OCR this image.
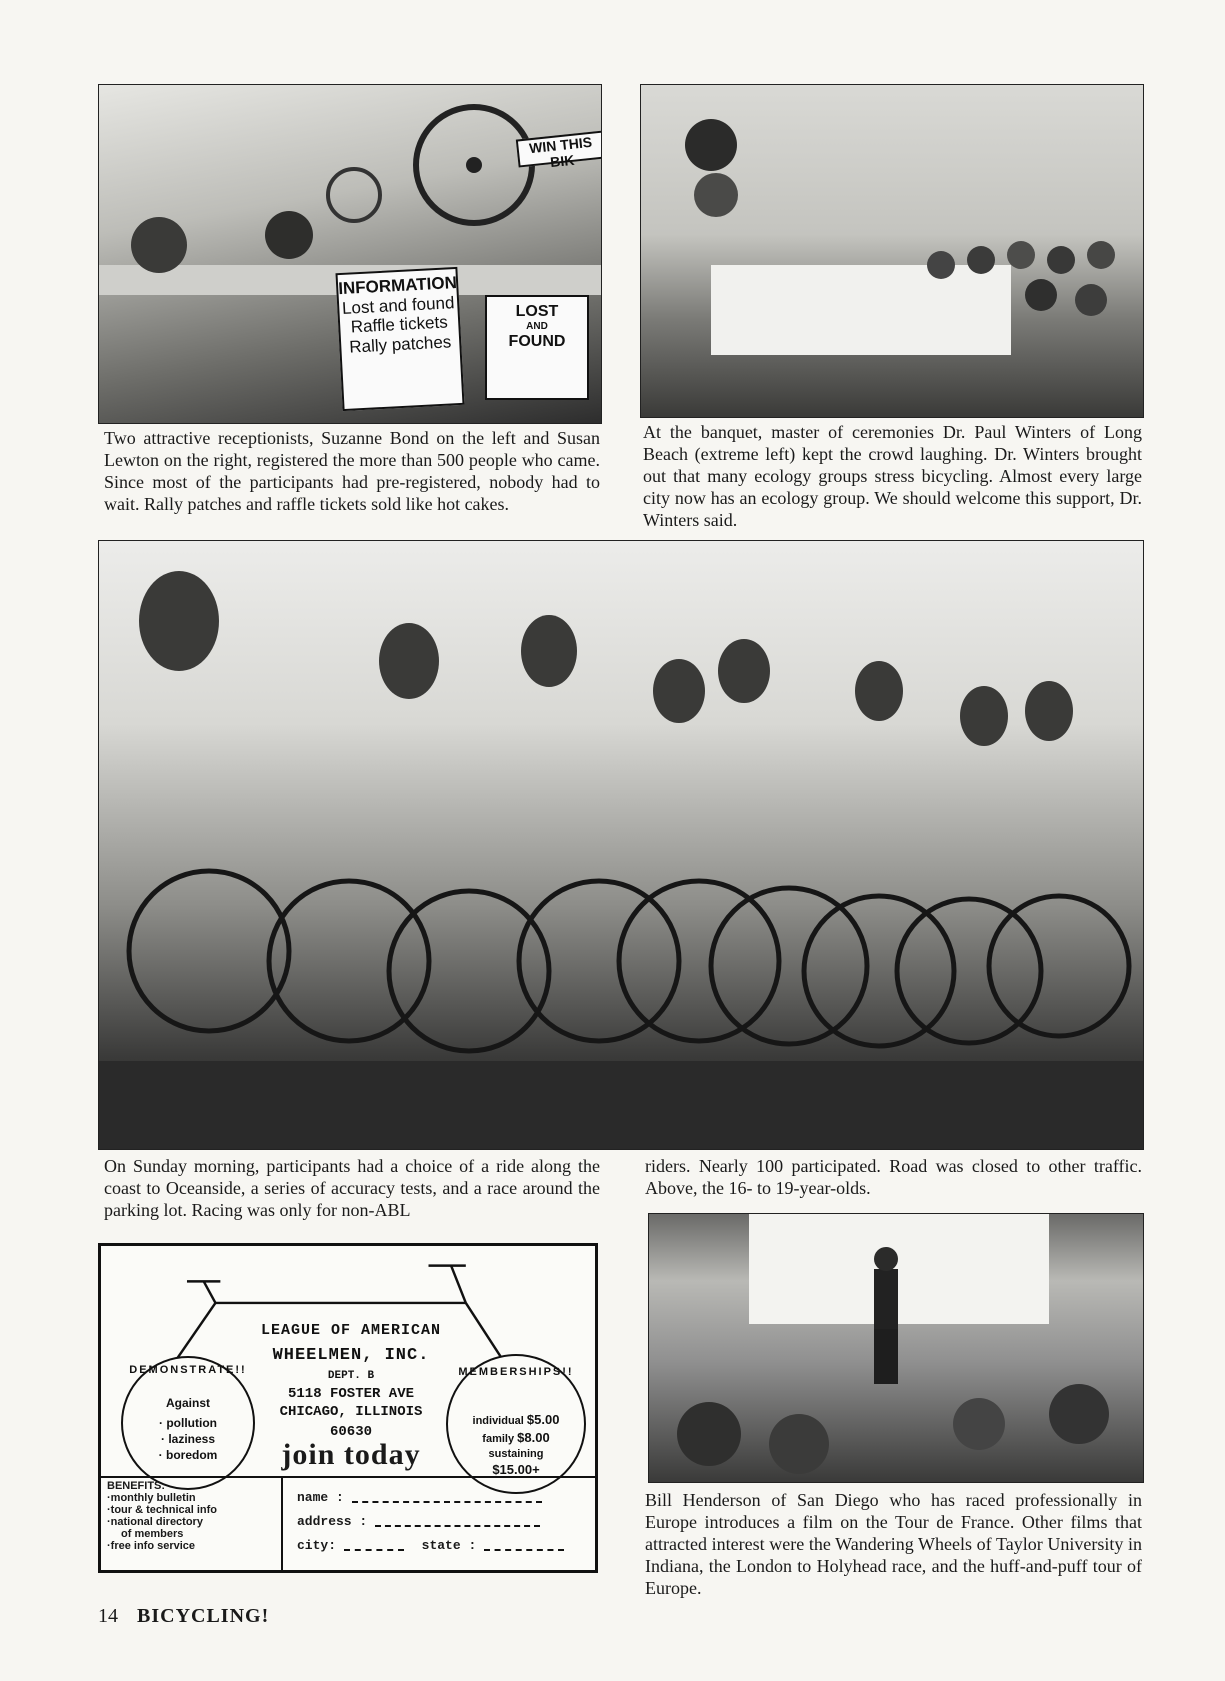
INFORMATION
Lost and found
Raffle tickets
Rally patches
LOST
AND
FOUND
WIN THIS BIK
Two attractive receptionists, Suzanne Bond on the left and Susan Lewton on the right, registered the more than 500 people who came. Since most of the participants had pre-registered, nobody had to wait. Rally patches and raffle tickets sold like hot cakes.
At the banquet, master of ceremonies Dr. Paul Winters of Long Beach (extreme left) kept the crowd laughing. Dr. Winters brought out that many ecology groups stress bicycling. Almost every large city now has an ecology group. We should welcome this support, Dr. Winters said.
On Sunday morning, participants had a choice of a ride along the coast to Oceanside, a series of accuracy tests, and a race around the parking lot. Racing was only for non-ABL
riders. Nearly 100 participated. Road was closed to other traffic. Above, the 16- to 19-year-olds.
Bill Henderson of San Diego who has raced professionally in Europe introduces a film on the Tour de France. Other films that attracted interest were the Wandering Wheels of Taylor University in Indiana, the London to Holyhead race, and the huff-and-puff tour of Europe.
LEAGUE OF AMERICAN
WHEELMEN, INC.
DEPT. B
5118 FOSTER AVE
CHICAGO, ILLINOIS
60630
DEMONSTRATE!!
Against
· pollution
· laziness
· boredom
MEMBERSHIPS!!
individual $5.00
family $8.00
sustaining
$15.00+
join today
BENEFITS:
·monthly bulletin
·tour & technical info
·national directory
of members
·free info service
name :
address :
city:	state :
14 BICYCLING!
